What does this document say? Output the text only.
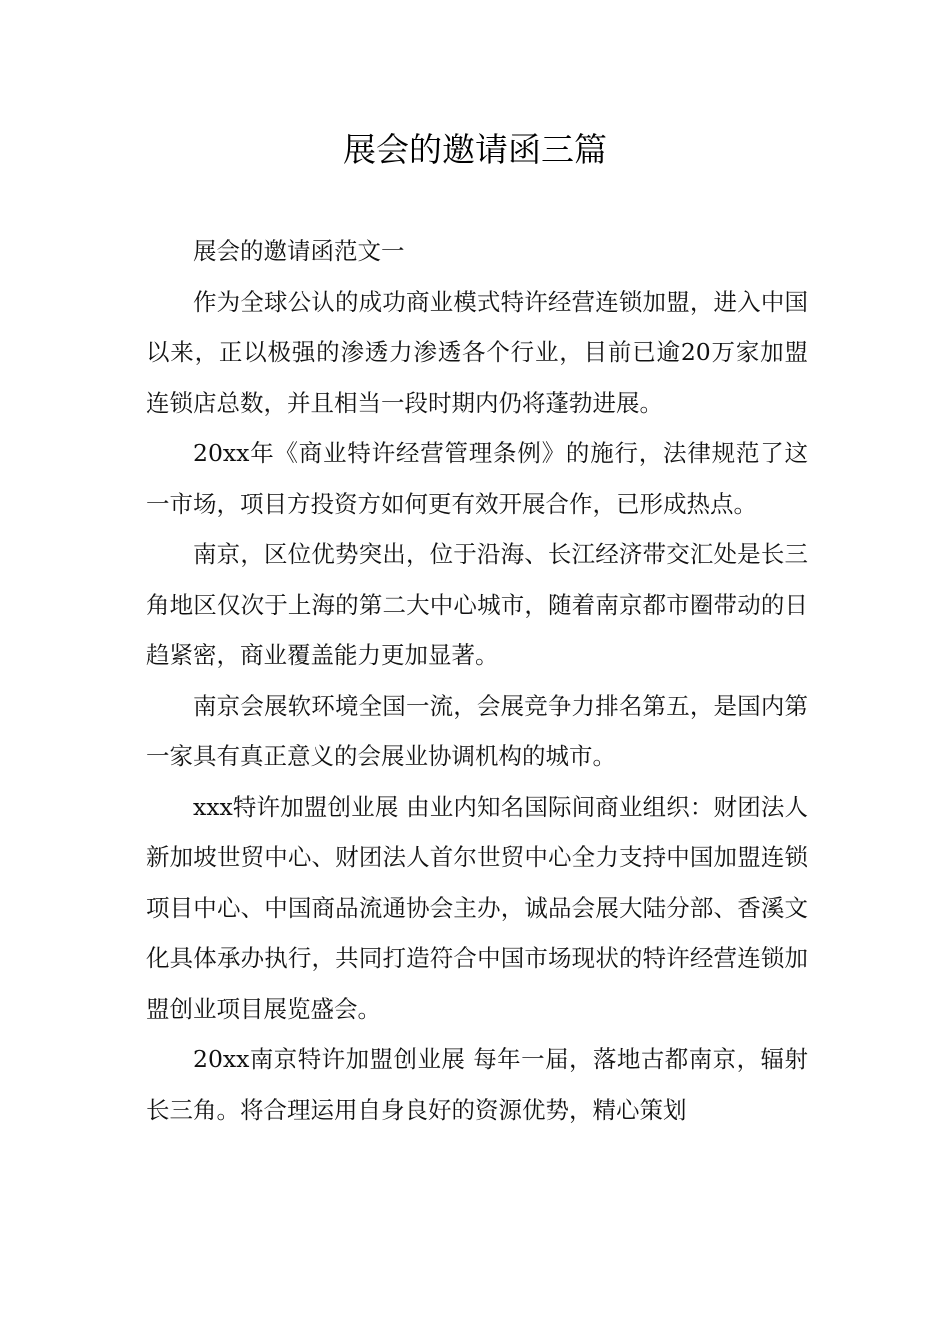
展会的邀请函三篇

展会的邀请函范文一

作为全球公认的成功商业模式特许经营连锁加盟，进入中国以来，正以极强的渗透力渗透各个行业，目前已逾20万家加盟连锁店总数，并且相当一段时期内仍将蓬勃进展。

20xx年《商业特许经营管理条例》的施行，法律规范了这一市场，项目方投资方如何更有效开展合作，已形成热点。

南京，区位优势突出，位于沿海、长江经济带交汇处是长三角地区仅次于上海的第二大中心城市，随着南京都市圈带动的日趋紧密，商业覆盖能力更加显著。

南京会展软环境全国一流，会展竞争力排名第五，是国内第一家具有真正意义的会展业协调机构的城市。

xxx特许加盟创业展 由业内知名国际间商业组织：财团法人新加坡世贸中心、财团法人首尔世贸中心全力支持中国加盟连锁项目中心、中国商品流通协会主办，诚品会展大陆分部、香溪文化具体承办执行，共同打造符合中国市场现状的特许经营连锁加盟创业项目展览盛会。

20xx南京特许加盟创业展 每年一届，落地古都南京，辐射长三角。将合理运用自身良好的资源优势，精心策划
